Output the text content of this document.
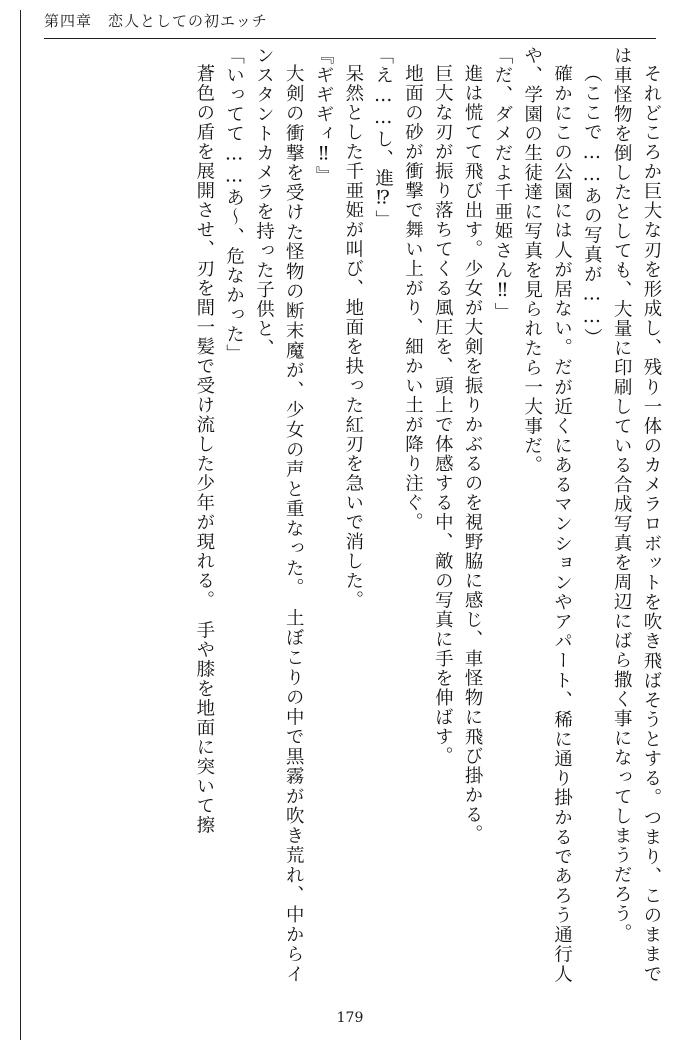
第四章　恋人としての初エッチ

それどころか巨大な刃を形成し、残り一体のカメラロボットを吹き飛ばそうとする。つまり、このままでは車怪物を倒したとしても、大量に印刷している合成写真を周辺にばら撒く事になってしまうだろう。

（ここで……あの写真が……）

確かにこの公園には人が居ない。だが近くにあるマンションやアパート、稀に通り掛かるであろう通行人や、学園の生徒達に写真を見られたら一大事だ。

「だ、ダメだよ千亜姫さん‼」

進は慌てて飛び出す。少女が大剣を振りかぶるのを視野脇に感じ、車怪物に飛び掛かる。

巨大な刃が振り落ちてくる風圧を、頭上で体感する中、敵の写真に手を伸ばす。

地面の砂が衝撃で舞い上がり、細かい土が降り注ぐ。

「え……し、進⁉」

呆然とした千亜姫が叫び、地面を抉った紅刃を急いで消した。

『ギギギィ‼』

大剣の衝撃を受けた怪物の断末魔が、少女の声と重なった。　土ぼこりの中で黒霧が吹き荒れ、中からインスタントカメラを持った子供と、

「いってて……あ〜、危なかった」

蒼色の盾を展開させ、刃を間一髪で受け流した少年が現れる。　手や膝を地面に突いて擦

179
